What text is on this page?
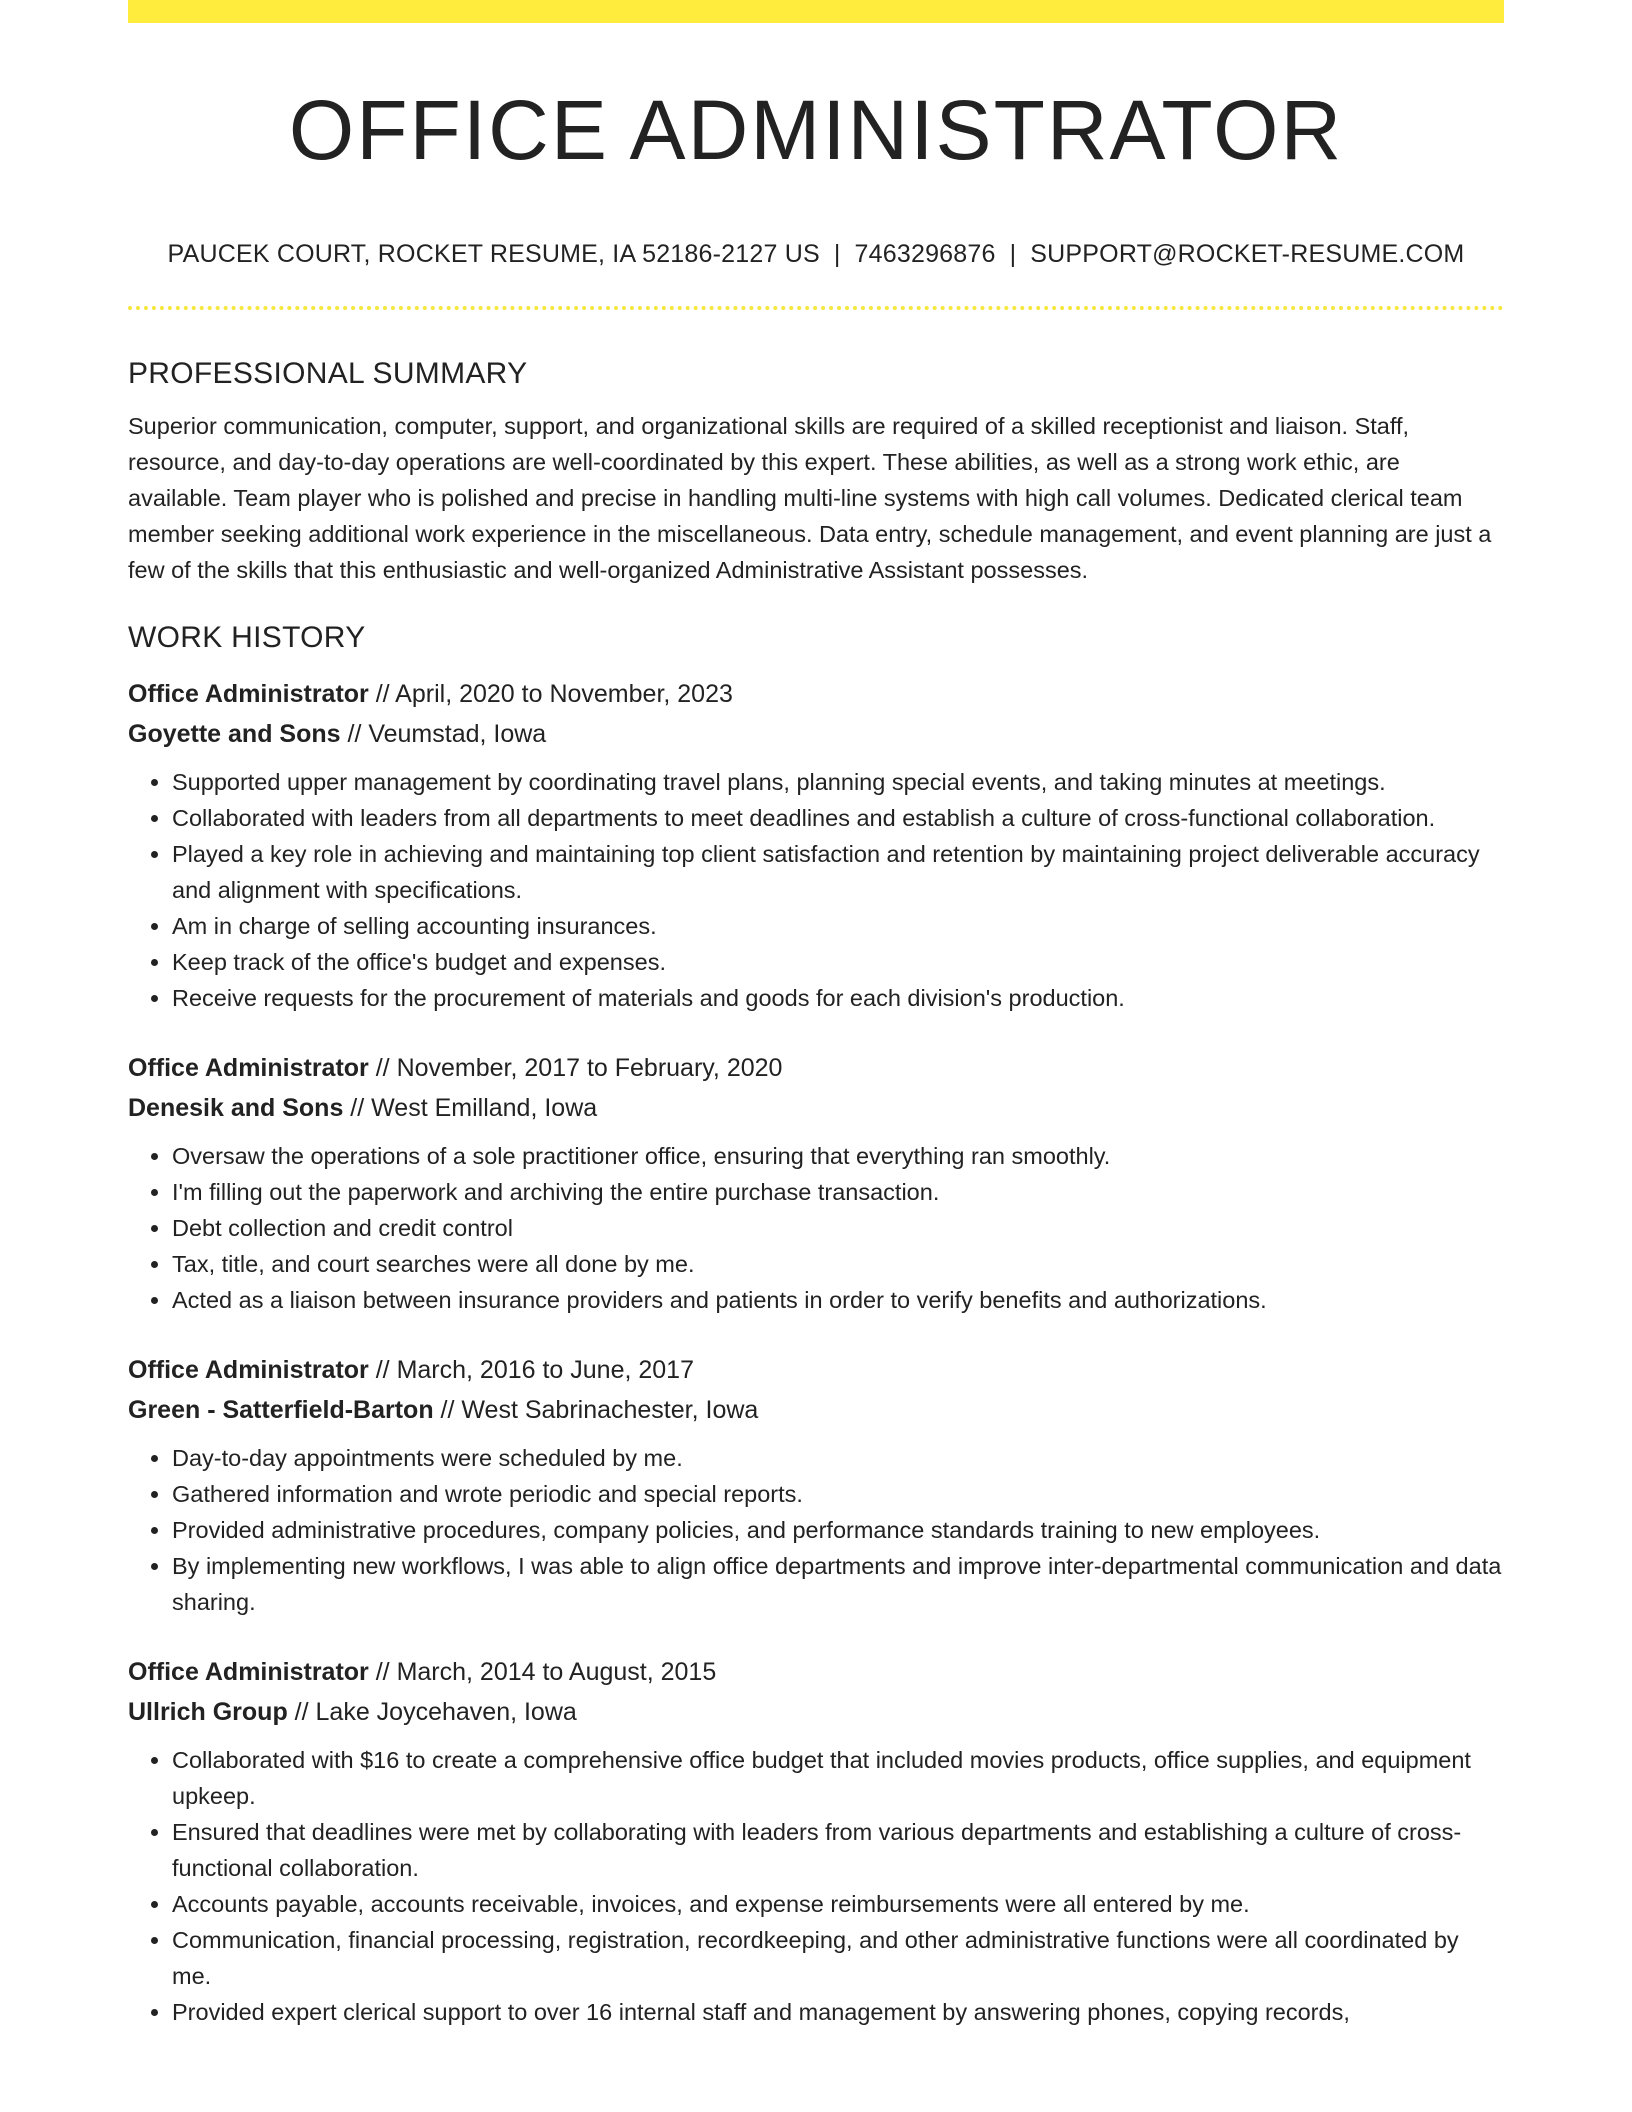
OFFICE ADMINISTRATOR
PAUCEK COURT, ROCKET RESUME, IA 52186-2127 US | 7463296876 | SUPPORT@ROCKET-RESUME.COM
PROFESSIONAL SUMMARY

Superior communication, computer, support, and organizational skills are required of a skilled receptionist and liaison. Staff, resource, and day-to-day operations are well-coordinated by this expert. These abilities, as well as a strong work ethic, are available. Team player who is polished and precise in handling multi-line systems with high call volumes. Dedicated clerical team member seeking additional work experience in the miscellaneous. Data entry, schedule management, and event planning are just a few of the skills that this enthusiastic and well-organized Administrative Assistant possesses.

WORK HISTORY
Office Administrator // April, 2020 to November, 2023
Goyette and Sons // Veumstad, Iowa
• Supported upper management by coordinating travel plans, planning special events, and taking minutes at meetings.
• Collaborated with leaders from all departments to meet deadlines and establish a culture of cross-functional collaboration.
• Played a key role in achieving and maintaining top client satisfaction and retention by maintaining project deliverable accuracy and alignment with specifications.
• Am in charge of selling accounting insurances.
• Keep track of the office's budget and expenses.
• Receive requests for the procurement of materials and goods for each division's production.
Office Administrator // November, 2017 to February, 2020
Denesik and Sons // West Emilland, Iowa
• Oversaw the operations of a sole practitioner office, ensuring that everything ran smoothly.
• I'm filling out the paperwork and archiving the entire purchase transaction.
• Debt collection and credit control
• Tax, title, and court searches were all done by me.
• Acted as a liaison between insurance providers and patients in order to verify benefits and authorizations.
Office Administrator // March, 2016 to June, 2017
Green - Satterfield-Barton // West Sabrinachester, Iowa
• Day-to-day appointments were scheduled by me.
• Gathered information and wrote periodic and special reports.
• Provided administrative procedures, company policies, and performance standards training to new employees.
• By implementing new workflows, I was able to align office departments and improve inter-departmental communication and data sharing.
Office Administrator // March, 2014 to August, 2015
Ullrich Group // Lake Joycehaven, Iowa
• Collaborated with $16 to create a comprehensive office budget that included movies products, office supplies, and equipment upkeep.
• Ensured that deadlines were met by collaborating with leaders from various departments and establishing a culture of cross-functional collaboration.
• Accounts payable, accounts receivable, invoices, and expense reimbursements were all entered by me.
• Communication, financial processing, registration, recordkeeping, and other administrative functions were all coordinated by me.
• Provided expert clerical support to over 16 internal staff and management by answering phones, copying records,
